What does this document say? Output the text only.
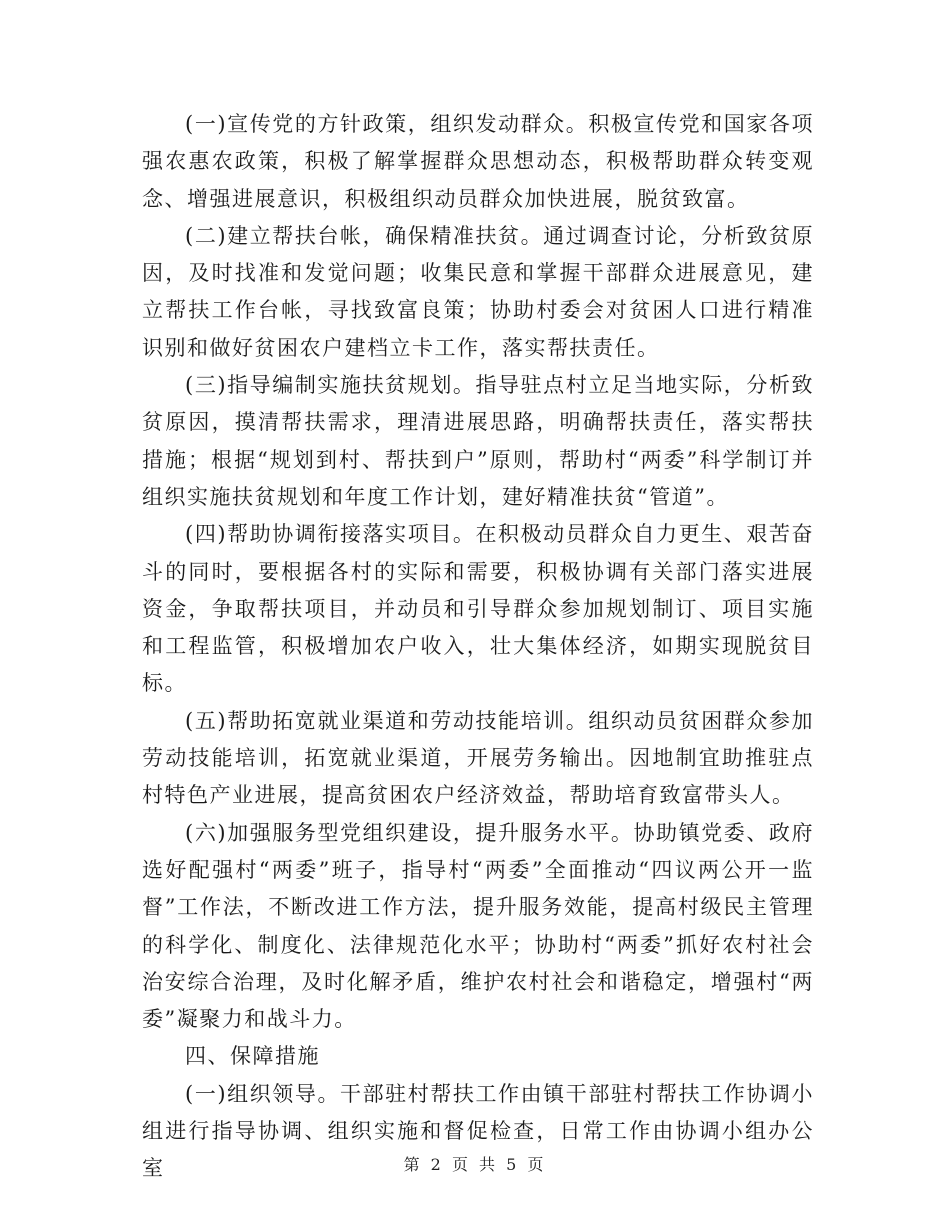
(一)宣传党的方针政策，组织发动群众。积极宣传党和国家各项强农惠农政策，积极了解掌握群众思想动态，积极帮助群众转变观念、增强进展意识，积极组织动员群众加快进展，脱贫致富。

(二)建立帮扶台帐，确保精准扶贫。通过调查讨论，分析致贫原因，及时找准和发觉问题；收集民意和掌握干部群众进展意见，建立帮扶工作台帐，寻找致富良策；协助村委会对贫困人口进行精准识别和做好贫困农户建档立卡工作，落实帮扶责任。

(三)指导编制实施扶贫规划。指导驻点村立足当地实际，分析致贫原因，摸清帮扶需求，理清进展思路，明确帮扶责任，落实帮扶措施；根据“规划到村、帮扶到户”原则，帮助村“两委”科学制订并组织实施扶贫规划和年度工作计划，建好精准扶贫“管道”。

(四)帮助协调衔接落实项目。在积极动员群众自力更生、艰苦奋斗的同时，要根据各村的实际和需要，积极协调有关部门落实进展资金，争取帮扶项目，并动员和引导群众参加规划制订、项目实施和工程监管，积极增加农户收入，壮大集体经济，如期实现脱贫目标。

(五)帮助拓宽就业渠道和劳动技能培训。组织动员贫困群众参加劳动技能培训，拓宽就业渠道，开展劳务输出。因地制宜助推驻点村特色产业进展，提高贫困农户经济效益，帮助培育致富带头人。

(六)加强服务型党组织建设，提升服务水平。协助镇党委、政府选好配强村“两委”班子，指导村“两委”全面推动“四议两公开一监督”工作法，不断改进工作方法，提升服务效能，提高村级民主管理的科学化、制度化、法律规范化水平；协助村“两委”抓好农村社会治安综合治理，及时化解矛盾，维护农村社会和谐稳定，增强村“两委”凝聚力和战斗力。

四、保障措施

(一)组织领导。干部驻村帮扶工作由镇干部驻村帮扶工作协调小组进行指导协调、组织实施和督促检查，日常工作由协调小组办公室	第 2 页 共 5 页
